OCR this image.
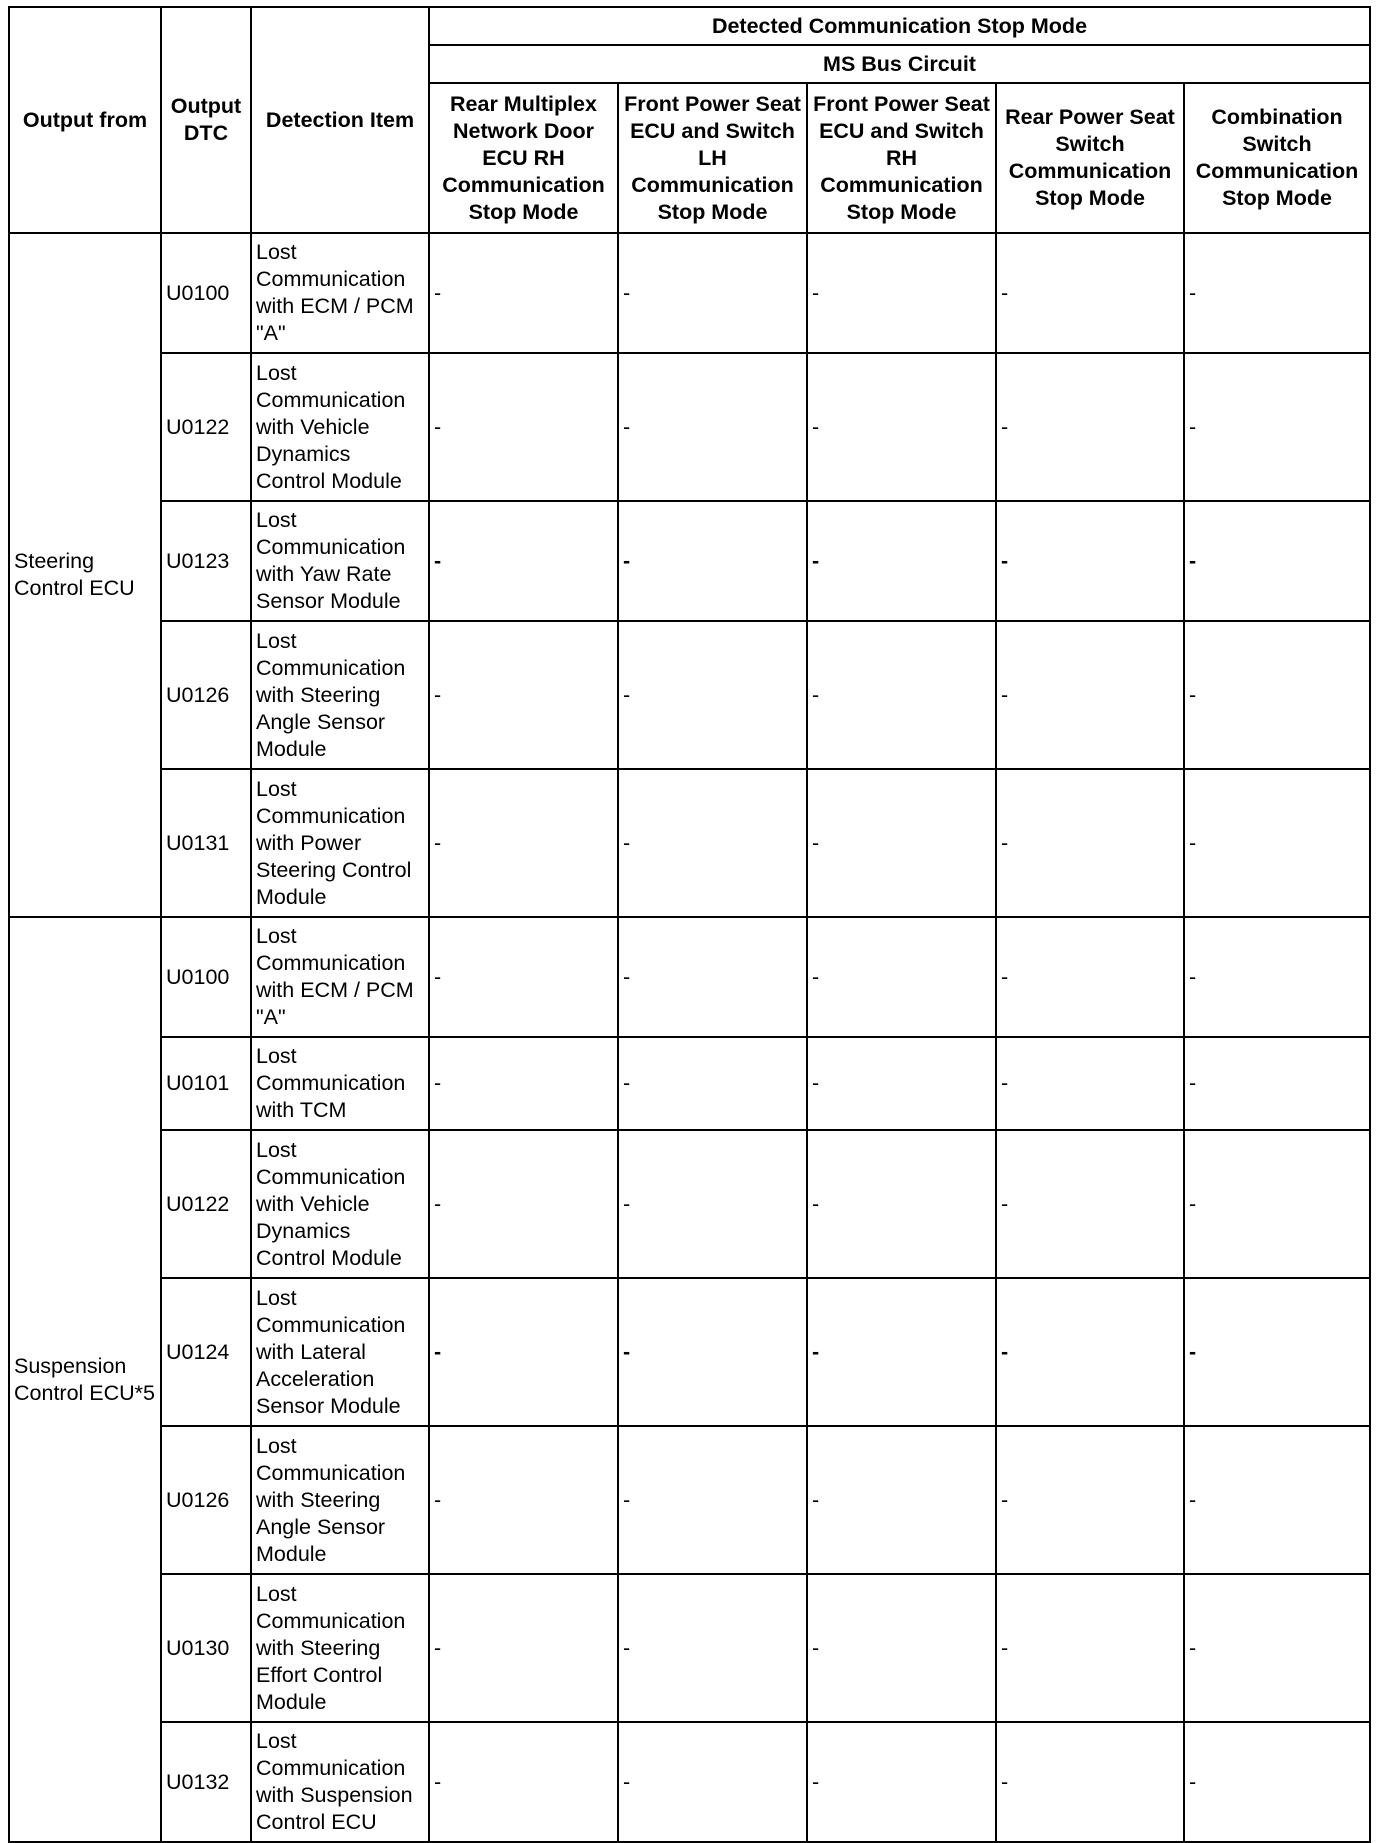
Output from	Output DTC	Detection Item	Detected Communication Stop Mode				
			MS Bus Circuit				
			Rear Multiplex Network Door ECU RH Communication Stop Mode	Front Power Seat ECU and Switch LH Communication Stop Mode	Front Power Seat ECU and Switch RH Communication Stop Mode	Rear Power Seat Switch Communication Stop Mode	Combination Switch Communication Stop Mode
Steering Control ECU	U0100	Lost Communication with ECM / PCM "A"	-	-	-	-	-
	U0122	Lost Communication with Vehicle Dynamics Control Module	-	-	-	-	-
	U0123	Lost Communication with Yaw Rate Sensor Module	-	-	-	-	-
	U0126	Lost Communication with Steering Angle Sensor Module	-	-	-	-	-
	U0131	Lost Communication with Power Steering Control Module	-	-	-	-	-
Suspension Control ECU*5	U0100	Lost Communication with ECM / PCM "A"	-	-	-	-	-
	U0101	Lost Communication with TCM	-	-	-	-	-
	U0122	Lost Communication with Vehicle Dynamics Control Module	-	-	-	-	-
	U0124	Lost Communication with Lateral Acceleration Sensor Module	-	-	-	-	-
	U0126	Lost Communication with Steering Angle Sensor Module	-	-	-	-	-
	U0130	Lost Communication with Steering Effort Control Module	-	-	-	-	-
	U0132	Lost Communication with Suspension Control ECU	-	-	-	-	-
